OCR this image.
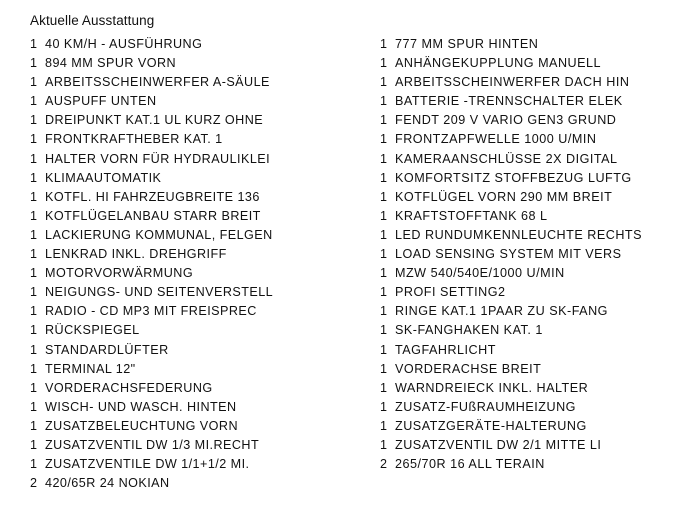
Aktuelle Ausstattung
1 40 KM/H - AUSFÜHRUNG
1 894 MM SPUR VORN
1 ARBEITSSCHEINWERFER A-SÄULE
1 AUSPUFF UNTEN
1 DREIPUNKT KAT.1 UL KURZ OHNE
1 FRONTKRAFTHEBER KAT. 1
1 HALTER VORN FÜR HYDRAULIKLEI
1 KLIMAAUTOMATIK
1 KOTFL. HI FAHRZEUGBREITE 136
1 KOTFLÜGELANBAU STARR BREIT
1 LACKIERUNG KOMMUNAL, FELGEN
1 LENKRAD INKL. DREHGRIFF
1 MOTORVORWÄRMUNG
1 NEIGUNGS- UND SEITENVERSTELL
1 RADIO - CD MP3 MIT FREISPREC
1 RÜCKSPIEGEL
1 STANDARDLÜFTER
1 TERMINAL 12"
1 VORDERACHSFEDERUNG
1 WISCH- UND WASCH. HINTEN
1 ZUSATZBELEUCHTUNG VORN
1 ZUSATZVENTIL DW 1/3 MI.RECHT
1 ZUSATZVENTILE DW 1/1+1/2 MI.
2 420/65R 24 NOKIAN
1 777 MM SPUR HINTEN
1 ANHÄNGEKUPPLUNG MANUELL
1 ARBEITSSCHEINWERFER DACH HIN
1 BATTERIE -TRENNSCHALTER ELEK
1 FENDT 209 V VARIO GEN3 GRUND
1 FRONTZAPFWELLE 1000 U/MIN
1 KAMERAANSCHLÜSSE 2X DIGITAL
1 KOMFORTSITZ STOFFBEZUG LUFTG
1 KOTFLÜGEL VORN 290 MM BREIT
1 KRAFTSTOFFTANK 68 L
1 LED RUNDUMKENNLEUCHTE RECHTS
1 LOAD SENSING SYSTEM MIT VERS
1 MZW 540/540E/1000 U/MIN
1 PROFI SETTING2
1 RINGE KAT.1 1PAAR ZU SK-FANG
1 SK-FANGHAKEN KAT. 1
1 TAGFAHRLICHT
1 VORDERACHSE BREIT
1 WARNDREIECK INKL. HALTER
1 ZUSATZ-FUßRAUMHEIZUNG
1 ZUSATZGERÄTE-HALTERUNG
1 ZUSATZVENTIL DW 2/1 MITTE LI
2 265/70R 16 ALL TERAIN
